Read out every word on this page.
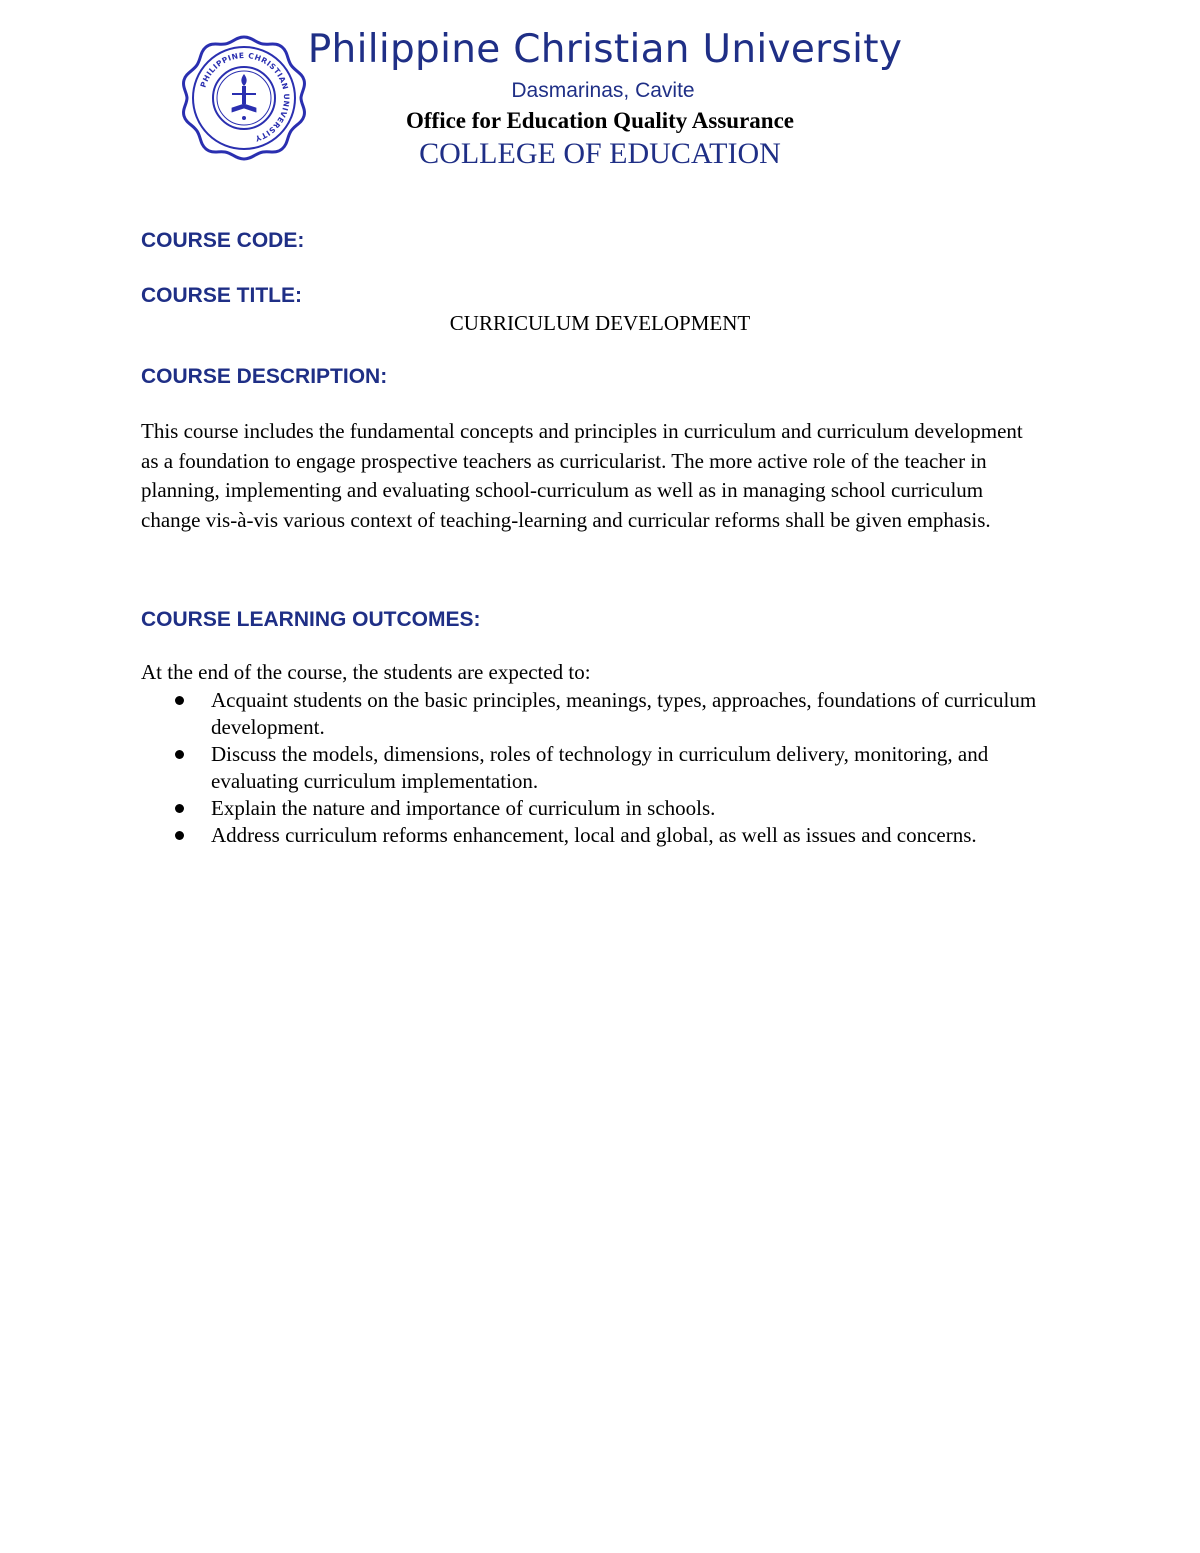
PHILIPPINE CHRISTIAN UNIVERSITY
Philippine Christian University
Dasmarinas, Cavite
Office for Education Quality Assurance
COLLEGE OF EDUCATION
COURSE CODE:
COURSE TITLE:
CURRICULUM DEVELOPMENT
COURSE DESCRIPTION:
This course includes the fundamental concepts and principles in curriculum and curriculum development as a foundation to engage prospective teachers as curricularist. The more active role of the teacher in planning, implementing and evaluating school-curriculum as well as in managing school curriculum change vis-à-vis various context of teaching-learning and curricular reforms shall be given emphasis.
COURSE LEARNING OUTCOMES:
At the end of the course, the students are expected to:
Acquaint students on the basic principles, meanings, types, approaches, foundations of curriculum development.
Discuss the models, dimensions, roles of technology in curriculum delivery, monitoring, and evaluating curriculum implementation.
Explain the nature and importance of curriculum in schools.
Address curriculum reforms enhancement, local and global, as well as issues and concerns.
